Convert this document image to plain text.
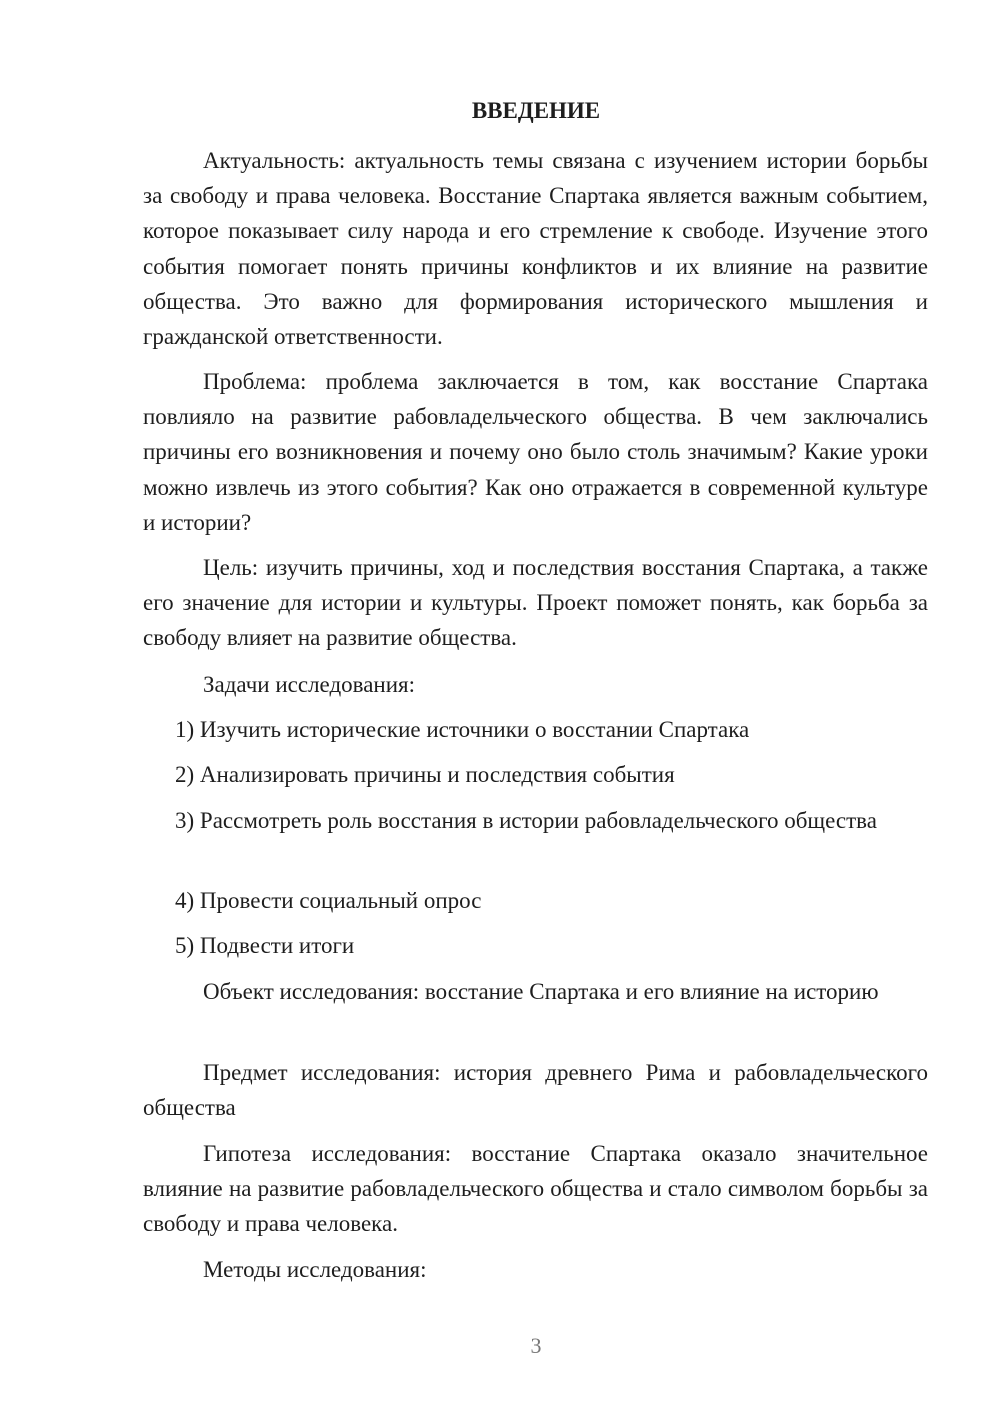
ВВЕДЕНИЕ

Актуальность: актуальность темы связана с изучением истории борьбы за свободу и права человека. Восстание Спартака является важным событием, которое показывает силу народа и его стремление к свободе. Изучение этого события помогает понять причины конфликтов и их влияние на развитие общества. Это важно для формирования исторического мышления и гражданской ответственности.

Проблема: проблема заключается в том, как восстание Спартака повлияло на развитие рабовладельческого общества. В чем заключались причины его возникновения и почему оно было столь значимым? Какие уроки можно извлечь из этого события? Как оно отражается в современной культуре и истории?

Цель: изучить причины, ход и последствия восстания Спартака, а также его значение для истории и культуры. Проект поможет понять, как борьба за свободу влияет на развитие общества.

Задачи исследования:

1) Изучить исторические источники о восстании Спартака

2) Анализировать причины и последствия события

3) Рассмотреть роль восстания в истории рабовладельческого общества

4) Провести социальный опрос

5) Подвести итоги

Объект исследования: восстание Спартака и его влияние на историю

Предмет исследования: история древнего Рима и рабовладельческого общества

Гипотеза исследования: восстание Спартака оказало значительное влияние на развитие рабовладельческого общества и стало символом борьбы за свободу и права человека.

Методы исследования:

3
